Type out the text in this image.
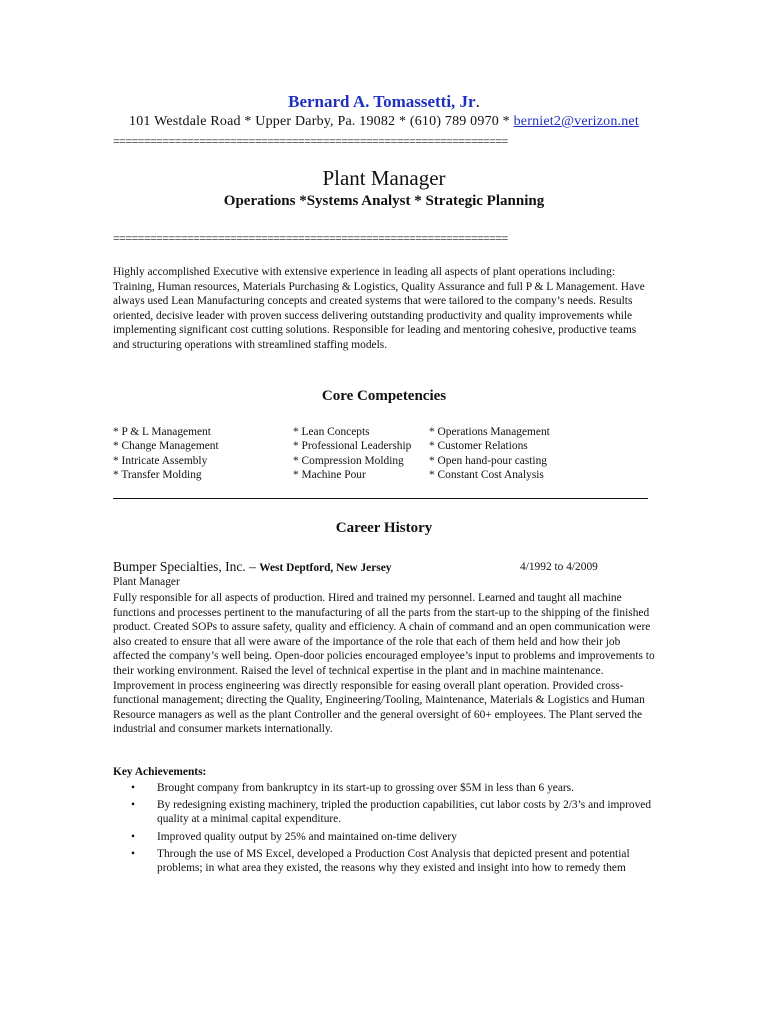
Bernard A. Tomassetti, Jr.
101 Westdale Road * Upper Darby, Pa. 19082 * (610) 789 0970 * berniet2@verizon.net
================================================================
Plant Manager
Operations *Systems Analyst * Strategic Planning
================================================================
Highly accomplished Executive with extensive experience in leading all aspects of plant operations including: Training, Human resources, Materials Purchasing & Logistics, Quality Assurance and full P & L Management. Have always used Lean Manufacturing concepts and created systems that were tailored to the company’s needs. Results oriented, decisive leader with proven success delivering outstanding productivity and quality improvements while implementing significant cost cutting solutions. Responsible for leading and mentoring cohesive, productive teams and structuring operations with streamlined staffing models.
Core Competencies
* P & L Management
* Change Management
* Intricate Assembly
* Transfer Molding
* Lean Concepts
* Professional Leadership
* Compression Molding
* Machine Pour
* Operations Management
* Customer Relations
* Open hand-pour casting
* Constant Cost Analysis
Career History
Bumper Specialties, Inc. – West Deptford, New Jersey	4/1992 to 4/2009
Plant Manager
Fully responsible for all aspects of production. Hired and trained my personnel. Learned and taught all machine functions and processes pertinent to the manufacturing of all the parts from the start-up to the shipping of the finished product. Created SOPs to assure safety, quality and efficiency. A chain of command and an open communication were also created to ensure that all were aware of the importance of the role that each of them held and how their job affected the company’s well being. Open-door policies encouraged employee’s input to problems and improvements to their working environment. Raised the level of technical expertise in the plant and in machine maintenance. Improvement in process engineering was directly responsible for easing overall plant operation. Provided cross-functional management; directing the Quality, Engineering/Tooling, Maintenance, Materials & Logistics and Human Resource managers as well as the plant Controller and the general oversight of 60+ employees. The Plant served the industrial and consumer markets internationally.
Key Achievements:
• Brought company from bankruptcy in its start-up to grossing over $5M in less than 6 years.
• By redesigning existing machinery, tripled the production capabilities, cut labor costs by 2/3’s and improved quality at a minimal capital expenditure.
• Improved quality output by 25% and maintained on-time delivery
• Through the use of MS Excel, developed a Production Cost Analysis that depicted present and potential problems; in what area they existed, the reasons why they existed and insight into how to remedy them
